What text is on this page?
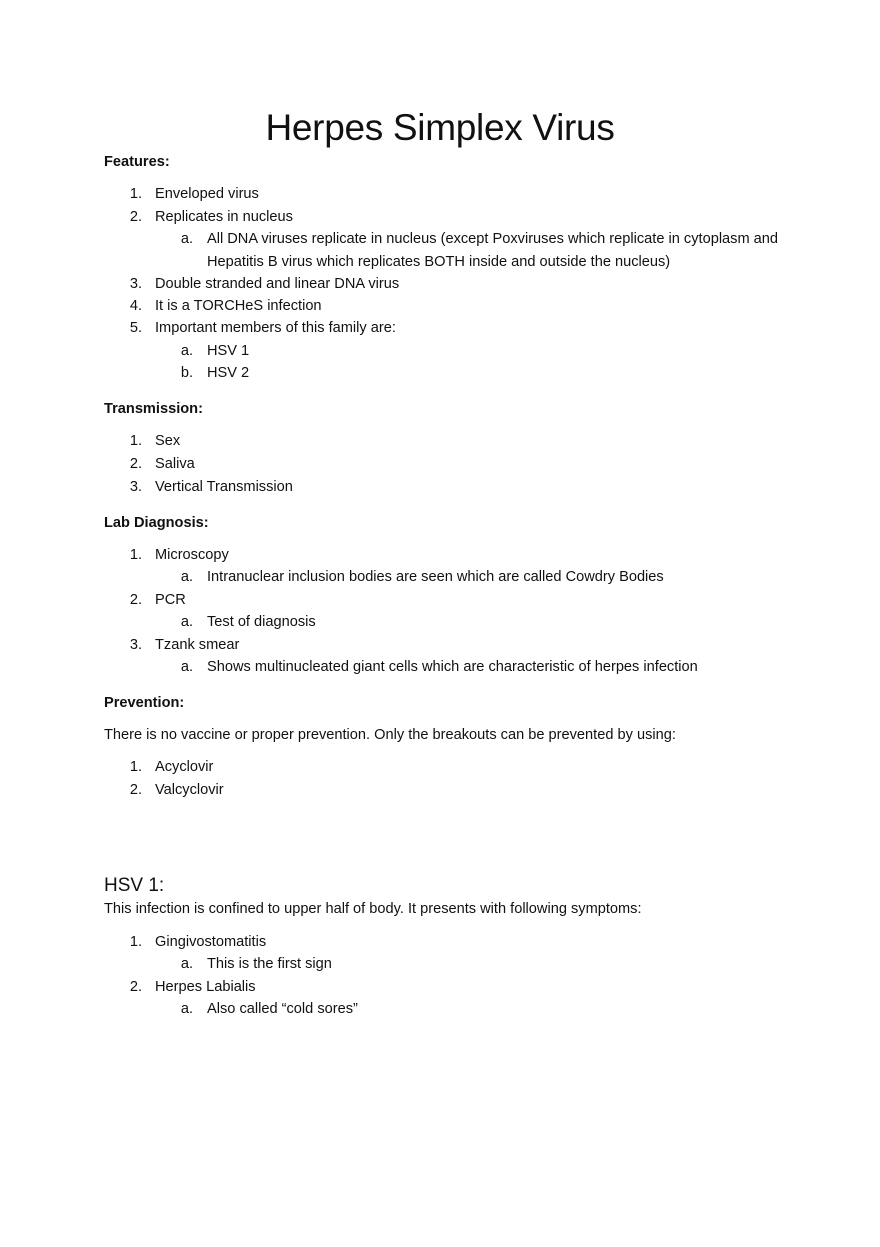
Herpes Simplex Virus
Features:
1. Enveloped virus
2. Replicates in nucleus
a. All DNA viruses replicate in nucleus (except Poxviruses which replicate in cytoplasm and
Hepatitis B virus which replicates BOTH inside and outside the nucleus)
3. Double stranded and linear DNA virus
4. It is a TORCHeS infection
5. Important members of this family are:
a. HSV 1
b. HSV 2
Transmission:
1. Sex
2. Saliva
3. Vertical Transmission
Lab Diagnosis:
1. Microscopy
a. Intranuclear inclusion bodies are seen which are called Cowdry Bodies
2. PCR
a. Test of diagnosis
3. Tzank smear
a. Shows multinucleated giant cells which are characteristic of herpes infection
Prevention:
There is no vaccine or proper prevention. Only the breakouts can be prevented by using:
1. Acyclovir
2. Valcyclovir
HSV 1:
This infection is confined to upper half of body. It presents with following symptoms:
1. Gingivostomatitis
a. This is the first sign
2. Herpes Labialis
a. Also called “cold sores”
